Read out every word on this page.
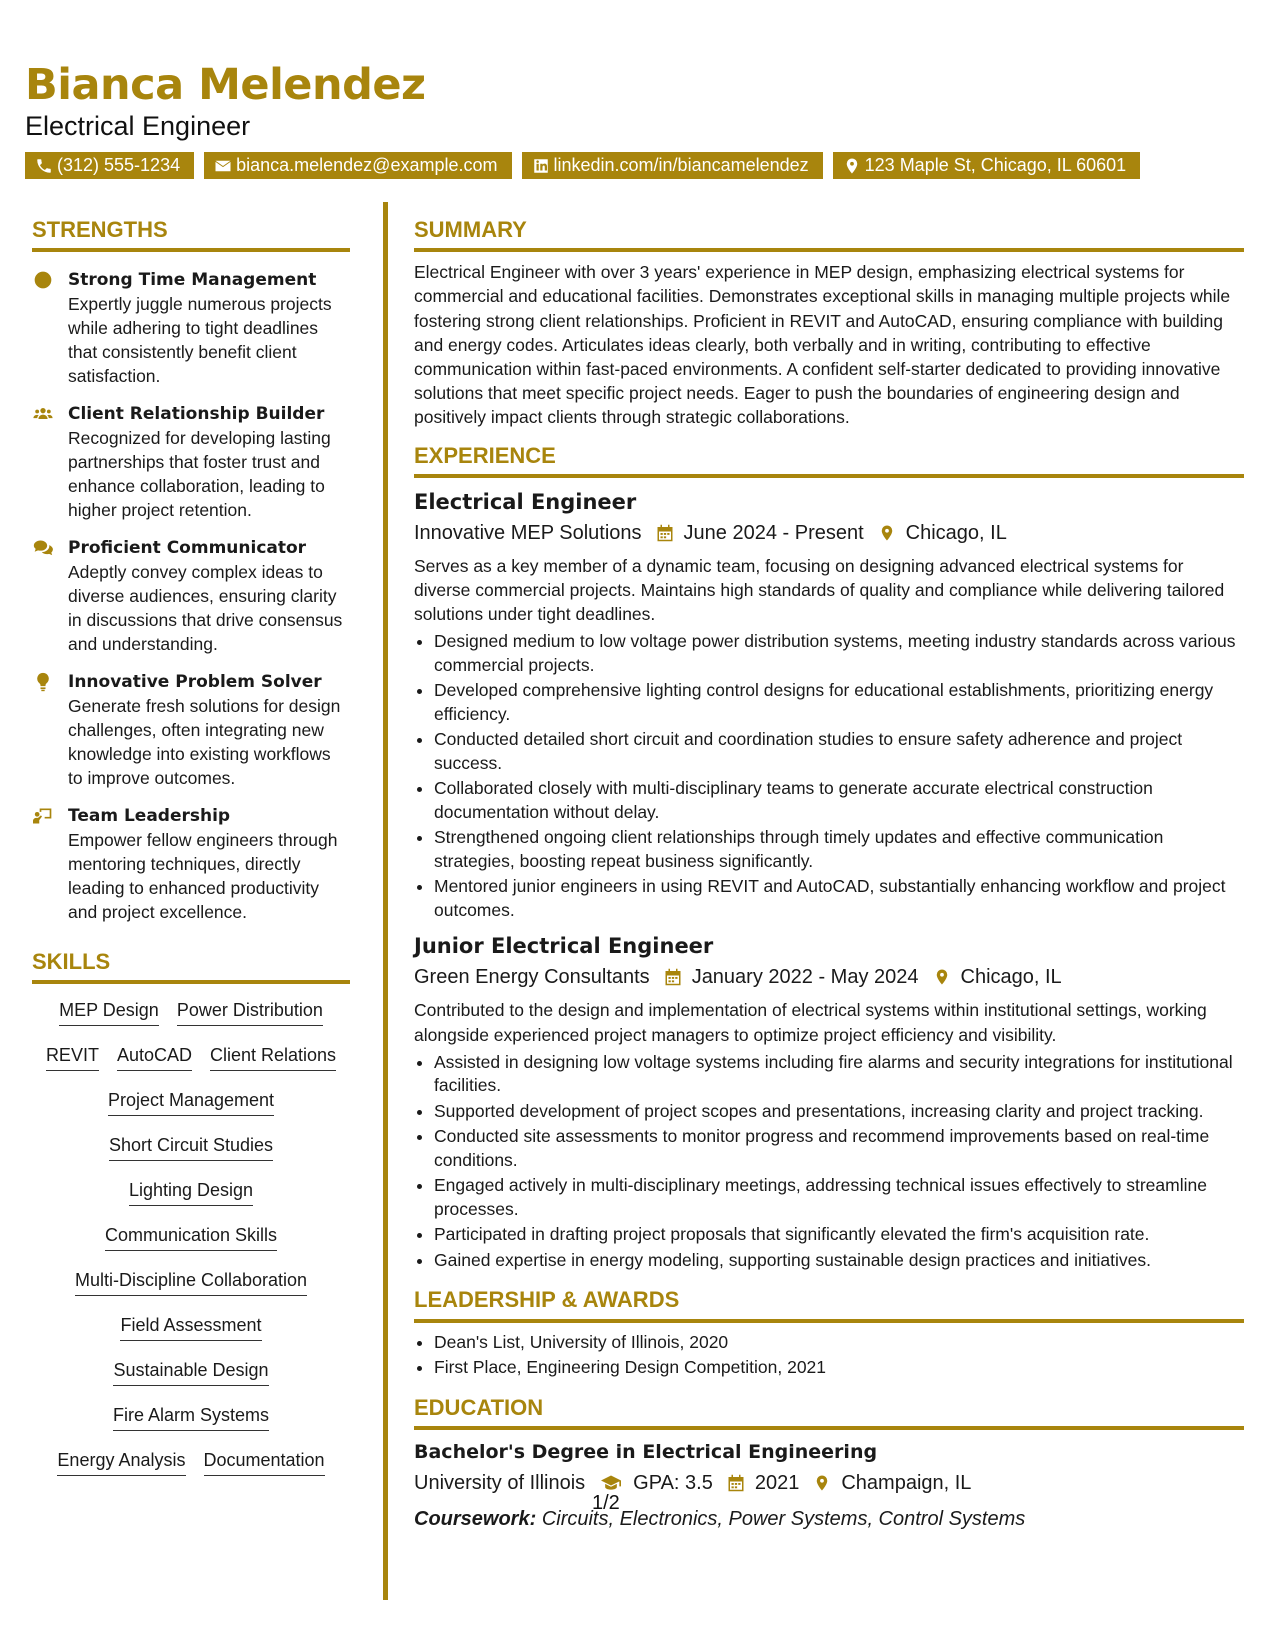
Bianca Melendez
Electrical Engineer
(312) 555-1234	bianca.melendez@example.com	linkedin.com/in/biancamelendez	123 Maple St, Chicago, IL 60601
STRENGTHS
Strong Time Management
Expertly juggle numerous projects while adhering to tight deadlines that consistently benefit client satisfaction.
Client Relationship Builder
Recognized for developing lasting partnerships that foster trust and enhance collaboration, leading to higher project retention.
Proficient Communicator
Adeptly convey complex ideas to diverse audiences, ensuring clarity in discussions that drive consensus and understanding.
Innovative Problem Solver
Generate fresh solutions for design challenges, often integrating new knowledge into existing workflows to improve outcomes.
Team Leadership
Empower fellow engineers through mentoring techniques, directly leading to enhanced productivity and project excellence.
SKILLS
MEP Design Power Distribution
REVIT AutoCAD Client Relations
Project Management
Short Circuit Studies
Lighting Design
Communication Skills
Multi-Discipline Collaboration
Field Assessment
Sustainable Design
Fire Alarm Systems
Energy Analysis Documentation
SUMMARY

Electrical Engineer with over 3 years' experience in MEP design, emphasizing electrical systems for commercial and educational facilities. Demonstrates exceptional skills in managing multiple projects while fostering strong client relationships. Proficient in REVIT and AutoCAD, ensuring compliance with building and energy codes. Articulates ideas clearly, both verbally and in writing, contributing to effective communication within fast-paced environments. A confident self-starter dedicated to providing innovative solutions that meet specific project needs. Eager to push the boundaries of engineering design and positively impact clients through strategic collaborations.

EXPERIENCE
Electrical Engineer
Innovative MEP Solutions June 2024 - Present Chicago, IL

Serves as a key member of a dynamic team, focusing on designing advanced electrical systems for diverse commercial projects. Maintains high standards of quality and compliance while delivering tailored solutions under tight deadlines.

• Designed medium to low voltage power distribution systems, meeting industry standards across various commercial projects.
• Developed comprehensive lighting control designs for educational establishments, prioritizing energy efficiency.
• Conducted detailed short circuit and coordination studies to ensure safety adherence and project success.
• Collaborated closely with multi-disciplinary teams to generate accurate electrical construction documentation without delay.
• Strengthened ongoing client relationships through timely updates and effective communication strategies, boosting repeat business significantly.
• Mentored junior engineers in using REVIT and AutoCAD, substantially enhancing workflow and project outcomes.
Junior Electrical Engineer
Green Energy Consultants January 2022 - May 2024 Chicago, IL

Contributed to the design and implementation of electrical systems within institutional settings, working alongside experienced project managers to optimize project efficiency and visibility.

• Assisted in designing low voltage systems including fire alarms and security integrations for institutional facilities.
• Supported development of project scopes and presentations, increasing clarity and project tracking.
• Conducted site assessments to monitor progress and recommend improvements based on real-time conditions.
• Engaged actively in multi-disciplinary meetings, addressing technical issues effectively to streamline processes.
• Participated in drafting project proposals that significantly elevated the firm's acquisition rate.
• Gained expertise in energy modeling, supporting sustainable design practices and initiatives.
LEADERSHIP & AWARDS
• Dean's List, University of Illinois, 2020
• First Place, Engineering Design Competition, 2021
EDUCATION
Bachelor's Degree in Electrical Engineering
University of Illinois GPA: 3.5 2021 Champaign, IL

Coursework: Circuits, Electronics, Power Systems, Control Systems

1/2
